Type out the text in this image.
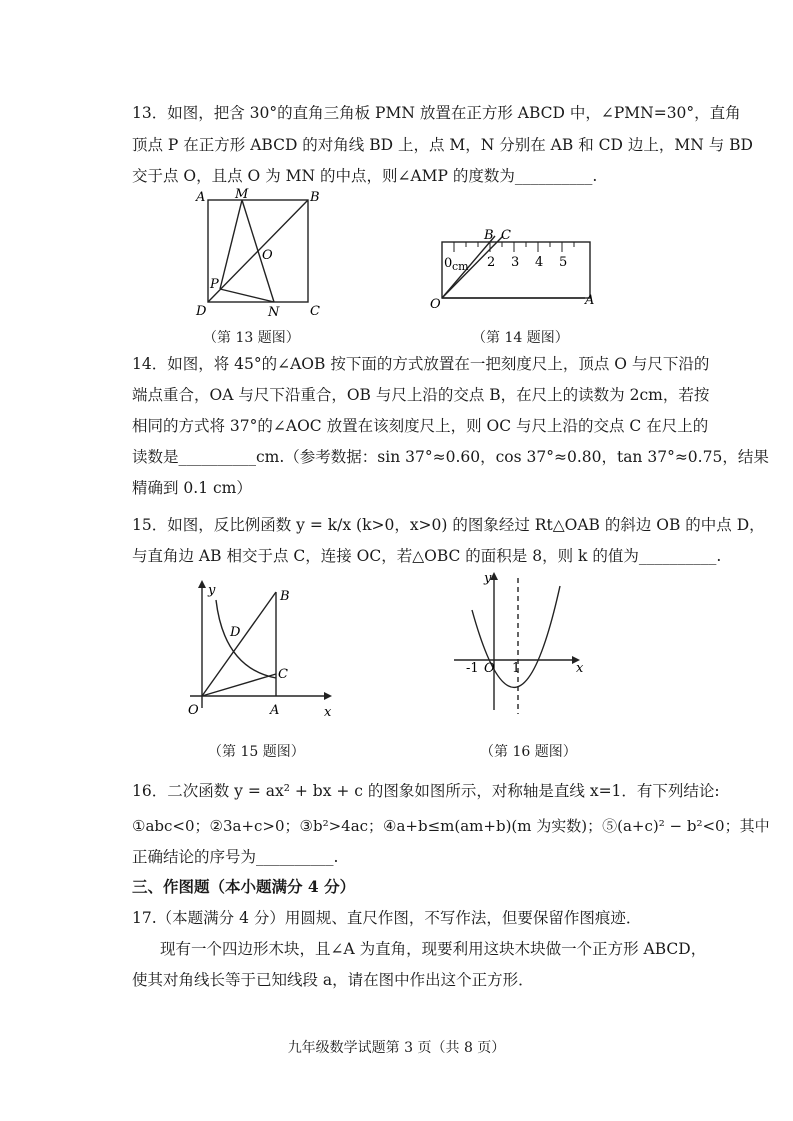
13．如图，把含 30°的直角三角板 PMN 放置在正方形 ABCD 中，∠PMN=30°，直角
顶点 P 在正方形 ABCD 的对角线 BD 上，点 M，N 分别在 AB 和 CD 边上，MN 与 BD
交于点 O，且点 O 为 MN 的中点，则∠AMP 的度数为__________.
A M	B
O
P
D	N C
（第 13 题图）
0 cm 2 3 4 5
B C
O	A
（第 14 题图）
14．如图，将 45°的∠AOB 按下面的方式放置在一把刻度尺上，顶点 O 与尺下沿的
端点重合，OA 与尺下沿重合，OB 与尺上沿的交点 B，在尺上的读数为 2cm，若按
相同的方式将 37°的∠AOC 放置在该刻度尺上，则 OC 与尺上沿的交点 C 在尺上的
读数是__________cm.（参考数据：sin 37°≈0.60，cos 37°≈0.80，tan 37°≈0.75，结果
精确到 0.1 cm）
15．如图，反比例函数 y = k/x (k>0，x>0) 的图象经过 Rt△OAB 的斜边 OB 的中点 D，
与直角边 AB 相交于点 C，连接 OC，若△OBC 的面积是 8，则 k 的值为__________.
y	B
D
C
O	A	x
（第 15 题图）
y
-1 O 1	x
（第 16 题图）
16．二次函数 y = ax² + bx + c 的图象如图所示，对称轴是直线 x=1．有下列结论:
①abc<0；②3a+c>0；③b²>4ac；④a+b≤m(am+b)(m 为实数)；⑤(a+c)² − b²<0；其中
正确结论的序号为__________.
三、作图题（本小题满分 4 分）
17.（本题满分 4 分）用圆规、直尺作图，不写作法，但要保留作图痕迹．
现有一个四边形木块，且∠A 为直角，现要利用这块木块做一个正方形 ABCD，
使其对角线长等于已知线段 a，请在图中作出这个正方形．
九年级数学试题第 3 页（共 8 页）
